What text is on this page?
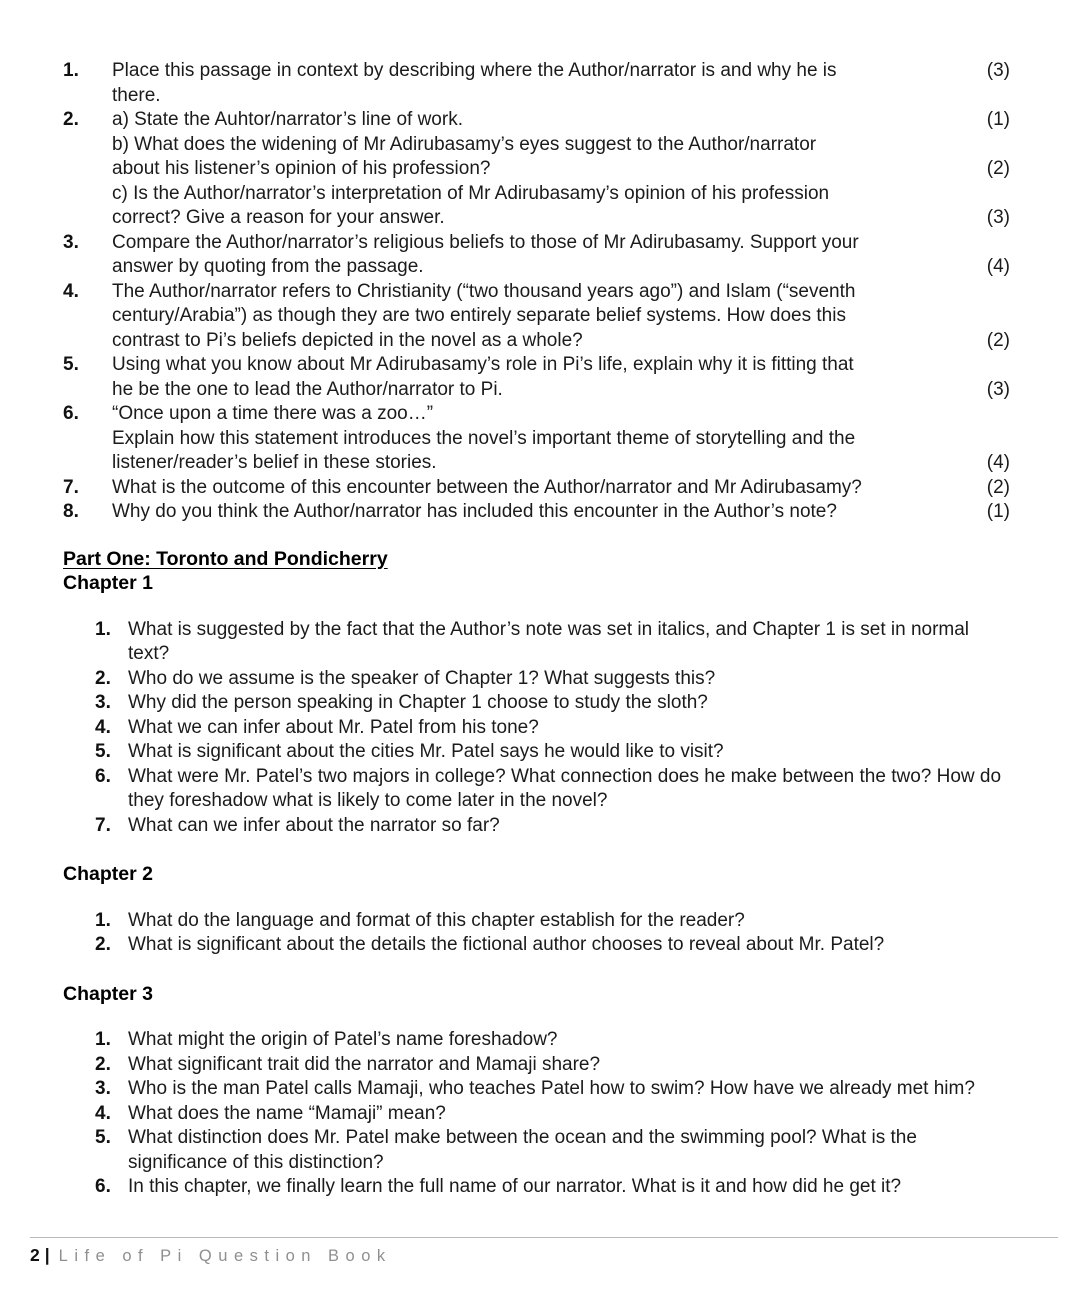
1.	Place this passage in context by describing where the Author/narrator is and why he is	(3)
there.
2.	a) State the Auhtor/narrator’s line of work.	(1)
b) What does the widening of Mr Adirubasamy’s eyes suggest to the Author/narrator
about his listener’s opinion of his profession?	(2)
c) Is the Author/narrator’s interpretation of Mr Adirubasamy’s opinion of his profession
correct? Give a reason for your answer.	(3)
3.	Compare the Author/narrator’s religious beliefs to those of Mr Adirubasamy. Support your
answer by quoting from the passage.	(4)
4.	The Author/narrator refers to Christianity (“two thousand years ago”) and Islam (“seventh
century/Arabia”) as though they are two entirely separate belief systems. How does this
contrast to Pi’s beliefs depicted in the novel as a whole?	(2)
5.	Using what you know about Mr Adirubasamy’s role in Pi’s life, explain why it is fitting that
he be the one to lead the Author/narrator to Pi.	(3)
6.	“Once upon a time there was a zoo…”
Explain how this statement introduces the novel’s important theme of storytelling and the
listener/reader’s belief in these stories.	(4)
7.	What is the outcome of this encounter between the Author/narrator and Mr Adirubasamy?	(2)
8.	Why do you think the Author/narrator has included this encounter in the Author’s note?	(1)
Part One: Toronto and Pondicherry
Chapter 1
1. What is suggested by the fact that the Author’s note was set in italics, and Chapter 1 is set in normal text?
2. Who do we assume is the speaker of Chapter 1? What suggests this?
3. Why did the person speaking in Chapter 1 choose to study the sloth?
4. What we can infer about Mr. Patel from his tone?
5. What is significant about the cities Mr. Patel says he would like to visit?
6. What were Mr. Patel’s two majors in college? What connection does he make between the two? How do they foreshadow what is likely to come later in the novel?
7. What can we infer about the narrator so far?
Chapter 2
1. What do the language and format of this chapter establish for the reader?
2. What is significant about the details the fictional author chooses to reveal about Mr. Patel?
Chapter 3
1. What might the origin of Patel’s name foreshadow?
2. What significant trait did the narrator and Mamaji share?
3. Who is the man Patel calls Mamaji, who teaches Patel how to swim? How have we already met him?
4. What does the name “Mamaji” mean?
5. What distinction does Mr. Patel make between the ocean and the swimming pool? What is the significance of this distinction?
6. In this chapter, we finally learn the full name of our narrator. What is it and how did he get it?
2 | Life of Pi Question Book
